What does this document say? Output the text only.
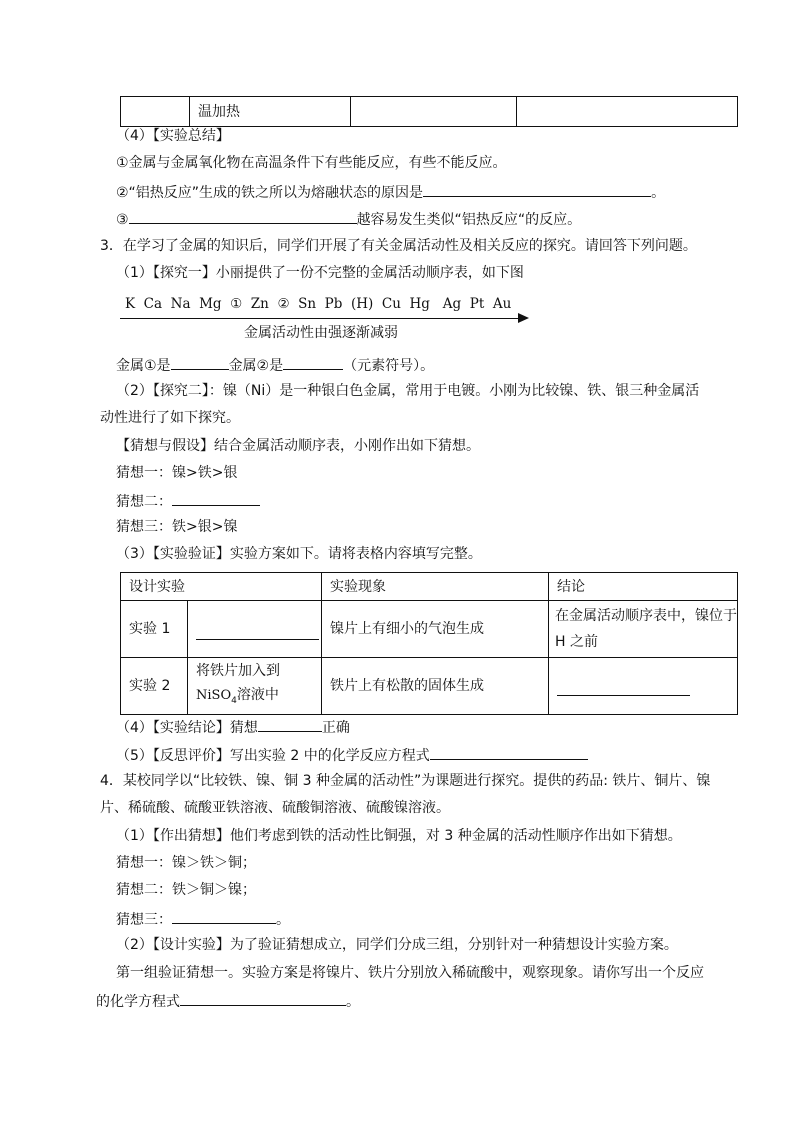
	温加热		
（4）【实验总结】
①金属与金属氧化物在高温条件下有些能反应，有些不能反应。
②“铝热反应”生成的铁之所以为熔融状态的原因是	。
③	越容易发生类似“铝热反应“的反应。
3．在学习了金属的知识后，同学们开展了有关金属活动性及相关反应的探究。请回答下列问题。
（1）【探究一】小丽提供了一份不完整的金属活动顺序表，如下图
K  Ca  Na  Mg  ①  Zn  ②  Sn  Pb  (H)  Cu  Hg   Ag  Pt  Au
金属活动性由强逐渐减弱
金属①是	金属②是	（元素符号）。
（2）【探究二】：镍（Ni）是一种银白色金属，常用于电镀。小刚为比较镍、铁、银三种金属活
动性进行了如下探究。
【猜想与假设】结合金属活动顺序表，小刚作出如下猜想。
猜想一：镍>铁>银
猜想二：
猜想三：铁>银>镍
（3）【实验验证】实验方案如下。请将表格内容填写完整。
设计实验		实验现象	结论
实验 1		镍片上有细小的气泡生成	在金属活动顺序表中，镍位于
H 之前

实验 2	将铁片加入到
NiSO$_4$溶液中	铁片上有松散的固体生成	
（4）【实验结论】猜想	正确
（5）【反思评价】写出实验 2 中的化学反应方程式
4．某校同学以“比较铁、镍、铜 3 种金属的活动性”为课题进行探究。提供的药品: 铁片、铜片、镍
片、稀硫酸、硫酸亚铁溶液、硫酸铜溶液、硫酸镍溶液。
（1）【作出猜想】他们考虑到铁的活动性比铜强，对 3 种金属的活动性顺序作出如下猜想。
猜想一：镍＞铁＞铜；
猜想二：铁＞铜＞镍；
猜想三：	。
（2）【设计实验】为了验证猜想成立，同学们分成三组，分别针对一种猜想设计实验方案。
第一组验证猜想一。实验方案是将镍片、铁片分别放入稀硫酸中，观察现象。请你写出一个反应
的化学方程式	。
